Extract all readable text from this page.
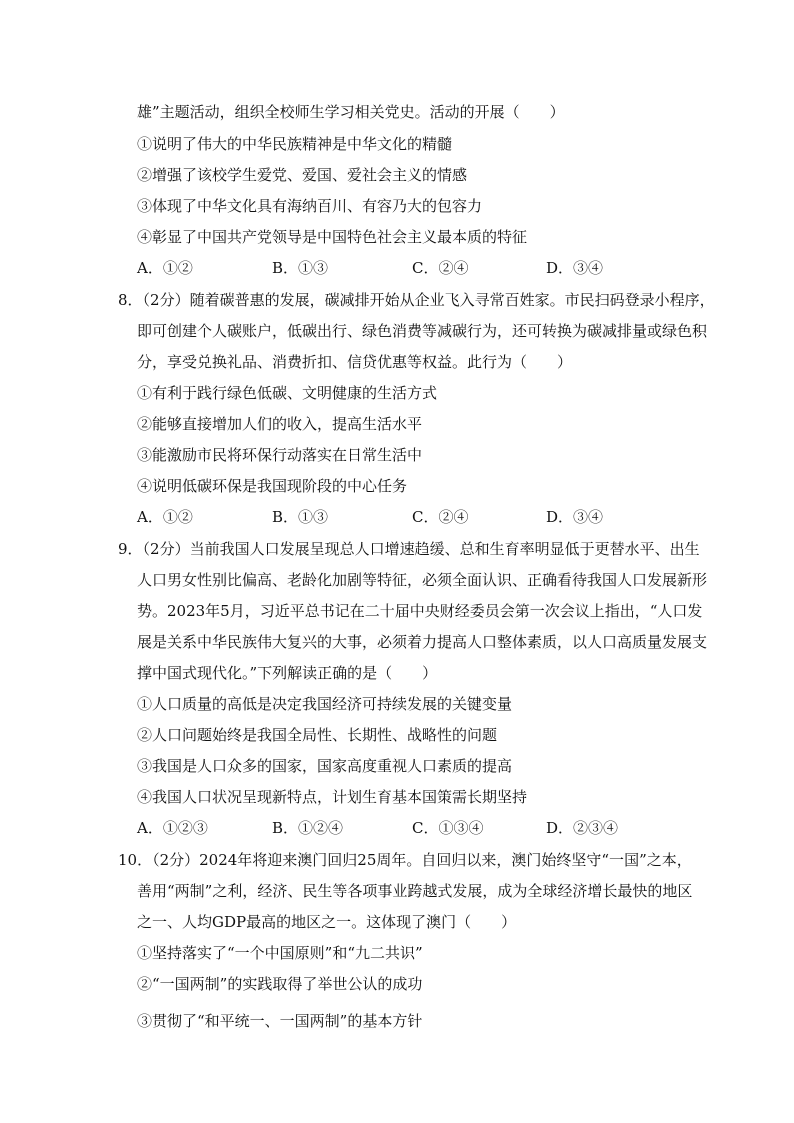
雄”主题活动，组织全校师生学习相关党史。活动的开展（　　）
①说明了伟大的中华民族精神是中华文化的精髓
②增强了该校学生爱党、爱国、爱社会主义的情感
③体现了中华文化具有海纳百川、有容乃大的包容力
④彰显了中国共产党领导是中国特色社会主义最本质的特征
A．①②	B．①③	C．②④	D．③④
8．（2分）随着碳普惠的发展，碳减排开始从企业飞入寻常百姓家。市民扫码登录小程序，
即可创建个人碳账户，低碳出行、绿色消费等减碳行为，还可转换为碳减排量或绿色积
分，享受兑换礼品、消费折扣、信贷优惠等权益。此行为（　　）
①有利于践行绿色低碳、文明健康的生活方式
②能够直接增加人们的收入，提高生活水平
③能激励市民将环保行动落实在日常生活中
④说明低碳环保是我国现阶段的中心任务
A．①②	B．①③	C．②④	D．③④
9．（2分）当前我国人口发展呈现总人口增速趋缓、总和生育率明显低于更替水平、出生
人口男女性别比偏高、老龄化加剧等特征，必须全面认识、正确看待我国人口发展新形
势。2023年5月，习近平总书记在二十届中央财经委员会第一次会议上指出，“人口发
展是关系中华民族伟大复兴的大事，必须着力提高人口整体素质，以人口高质量发展支
撑中国式现代化。”下列解读正确的是（　　）
①人口质量的高低是决定我国经济可持续发展的关键变量
②人口问题始终是我国全局性、长期性、战略性的问题
③我国是人口众多的国家，国家高度重视人口素质的提高
④我国人口状况呈现新特点，计划生育基本国策需长期坚持
A．①②③	B．①②④	C．①③④	D．②③④
10．（2分）2024年将迎来澳门回归25周年。自回归以来，澳门始终坚守“一国”之本，
善用“两制”之利，经济、民生等各项事业跨越式发展，成为全球经济增长最快的地区
之一、人均GDP最高的地区之一。这体现了澳门（　　）
①坚持落实了“一个中国原则”和“九二共识”
②“一国两制”的实践取得了举世公认的成功
③贯彻了“和平统一、一国两制”的基本方针
